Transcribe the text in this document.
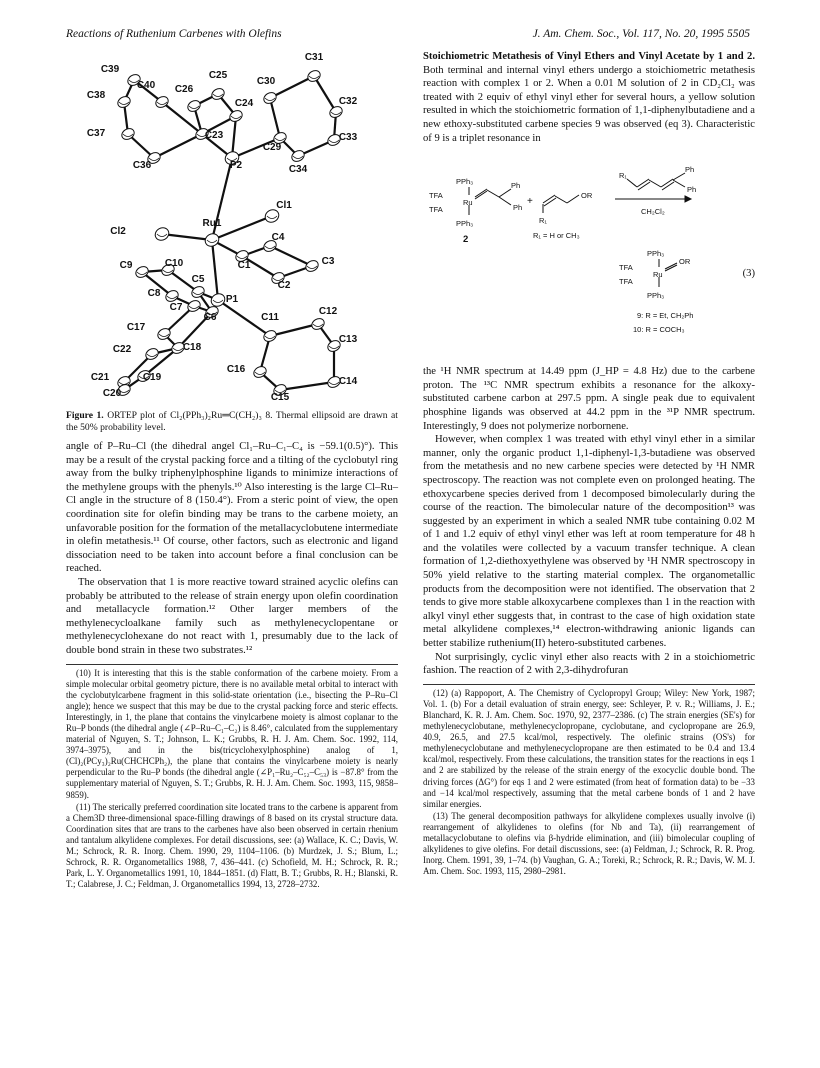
Reactions of Ruthenium Carbenes with Olefins	J. Am. Chem. Soc., Vol. 117, No. 20, 1995 5505
C31
C39
C25
C30
C40 C26
C38
C32
C24
C37	C23	C33
C29
P2
C36	C34
Cl1
Ru1
Cl2
C4
C10	C3
C9	C1
C5
C2
C8
P1
C7
C6
C12
C11
C17
C13
C18
C22
C21	C19
C16
C14
C20	C15
Figure 1. ORTEP plot of Cl₂(PPh₃)₂Ru═C(CH₂)₃ 8. Thermal ellipsoid are drawn at the 50% probability level.

angle of P–Ru–Cl (the dihedral angel Cl₁–Ru–C₁–C₄ is −59.1(0.5)°). This may be a result of the crystal packing force and a tilting of the cyclobutyl ring away from the bulky triphenylphosphine ligands to minimize interactions of the methylene groups with the phenyls.¹⁰ Also interesting is the large Cl–Ru–Cl angle in the structure of 8 (150.4°). From a steric point of view, the open coordination site for olefin binding may be trans to the carbene moiety, an unfavorable position for the formation of the metallacyclobutene intermediate in olefin metathesis.¹¹ Of course, other factors, such as electronic and ligand dissociation need to be taken into account before a final conclusion can be reached.

The observation that 1 is more reactive toward strained acyclic olefins can probably be attributed to the release of strain energy upon olefin coordination and metallacycle formation.¹² Other larger members of the methylenecycloalkane family such as methylenecyclopentane or methylenecyclohexane do not react with 1, presumably due to the lack of double bond strain in these two substrates.¹²

(10) It is interesting that this is the stable conformation of the carbene moiety. From a simple molecular orbital geometry picture, there is no available metal orbital to interact with the cyclobutylcarbene fragment in this solid-state orientation (i.e., bisecting the P–Ru–Cl angle); hence we suspect that this may be due to the crystal packing force and steric effects. Interestingly, in 1, the plane that contains the vinylcarbene moiety is almost coplanar to the Ru–P bonds (the dihedral angle (∠P–Ru–C₁–C₂) is 8.46°, calculated from the supplementary material of Nguyen, S. T.; Johnson, L. K.; Grubbs, R. H. J. Am. Chem. Soc. 1992, 114, 3974–3975), and in the bis(tricyclohexylphosphine) analog of 1, (Cl)₂(PCy₃)₂Ru(CHCHCPh₂), the plane that contains the vinylcarbene moiety is nearly perpendicular to the Ru–P bonds (the dihedral angle (∠P₁–Ru₂–C₅₂–C₅₃) is −87.8° from the supplementary material of Nguyen, S. T.; Grubbs, R. H. J. Am. Chem. Soc. 1993, 115, 9858–9859).

(11) The sterically preferred coordination site located trans to the carbene is apparent from a Chem3D three-dimensional space-filling drawings of 8 based on its crystal structure data. Coordination sites that are trans to the carbenes have also been observed in certain rhenium and tantalum alkylidene complexes. For detail discussions, see: (a) Wallace, K. C.; Davis, W. M.; Schrock, R. R. Inorg. Chem. 1990, 29, 1104–1106. (b) Murdzek, J. S.; Blum, L.; Schrock, R. R. Organometallics 1988, 7, 436–441. (c) Schofield, M. H.; Schrock, R. R.; Park, L. Y. Organometallics 1991, 10, 1844–1851. (d) Flatt, B. T.; Grubbs, R. H.; Blanski, R. T.; Calabrese, J. C.; Feldman, J. Organometallics 1994, 13, 2728–2732.

Stoichiometric Metathesis of Vinyl Ethers and Vinyl Acetate by 1 and 2. Both terminal and internal vinyl ethers undergo a stoichiometric metathesis reaction with complex 1 or 2. When a 0.01 M solution of 2 in CD₂Cl₂ was treated with 2 equiv of ethyl vinyl ether for several hours, a yellow solution resulted in which the stoichiometric formation of 1,1-diphenylbutadiene and a new ethoxy-substituted carbene species 9 was observed (eq 3). Characteristic of 9 is a triplet resonance in

PPh₃	Ph
TFA
Ru
Ph
TFA
PPh₃
2
+
OR
R₁
R₁ = H or CH₃
CH₂Cl₂
R₁
Ph
Ph
PPh₃
TFA
Ru
OR
TFA
PPh₃
(3)
9: R = Et, CH₂Ph
10: R = COCH₃

the ¹H NMR spectrum at 14.49 ppm (J_HP = 4.8 Hz) due to the carbene proton. The ¹³C NMR spectrum exhibits a resonance for the alkoxy-substituted carbene carbon at 297.5 ppm. A single peak due to equivalent phosphine ligands was observed at 44.2 ppm in the ³¹P NMR spectrum. Interestingly, 9 does not polymerize norbornene.

However, when complex 1 was treated with ethyl vinyl ether in a similar manner, only the organic product 1,1-diphenyl-1,3-butadiene was observed from the metathesis and no new carbene species were detected by ¹H NMR spectroscopy. The reaction was not complete even on prolonged heating. The ethoxycarbene species derived from 1 decomposed bimolecularly during the course of the reaction. The bimolecular nature of the decomposition¹³ was suggested by an experiment in which a sealed NMR tube containing 0.02 M of 1 and 1.2 equiv of ethyl vinyl ether was left at room temperature for 48 h and the volatiles were collected by a vacuum transfer technique. A clean formation of 1,2-diethoxyethylene was observed by ¹H NMR spectroscopy in 50% yield relative to the starting material complex. The organometallic products from the decomposition were not identified. The observation that 2 tends to give more stable alkoxycarbene complexes than 1 in the reaction with alkyl vinyl ether suggests that, in contrast to the case of high oxidation state metal alkylidene complexes,¹⁴ electron-withdrawing anionic ligands can better stabilize ruthenium(II) hetero-substituted carbenes.

Not surprisingly, cyclic vinyl ether also reacts with 2 in a stoichiometric fashion. The reaction of 2 with 2,3-dihydrofuran

(12) (a) Rappoport, A. The Chemistry of Cyclopropyl Group; Wiley: New York, 1987; Vol. 1. (b) For a detail evaluation of strain energy, see: Schleyer, P. v. R.; Williams, J. E.; Blanchard, K. R. J. Am. Chem. Soc. 1970, 92, 2377–2386. (c) The strain energies (SE's) for methylenecyclobutane, methylenecyclopropane, cyclobutane, and cyclopropane are 26.9, 40.9, 26.5, and 27.5 kcal/mol, respectively. The olefinic strains (OS's) for methylenecyclobutane and methylenecyclopropane are then estimated to be 0.4 and 13.4 kcal/mol, respectively. From these calculations, the transition states for the reactions in eqs 1 and 2 are stabilized by the release of the strain energy of the exocyclic double bond. The driving forces (ΔG°) for eqs 1 and 2 were estimated (from heat of formation data) to be −33 and −14 kcal/mol respectively, assuming that the metal carbene bonds of 1 and 2 have similar energies.

(13) The general decomposition pathways for alkylidene complexes usually involve (i) rearrangement of alkylidenes to olefins (for Nb and Ta), (ii) rearrangement of metallacyclobutane to olefins via β-hydride elimination, and (iii) bimolecular coupling of alkylidenes to give olefins. For detail discussions, see: (a) Feldman, J.; Schrock, R. R. Prog. Inorg. Chem. 1991, 39, 1–74. (b) Vaughan, G. A.; Toreki, R.; Schrock, R. R.; Davis, W. M. J. Am. Chem. Soc. 1993, 115, 2980–2981.
